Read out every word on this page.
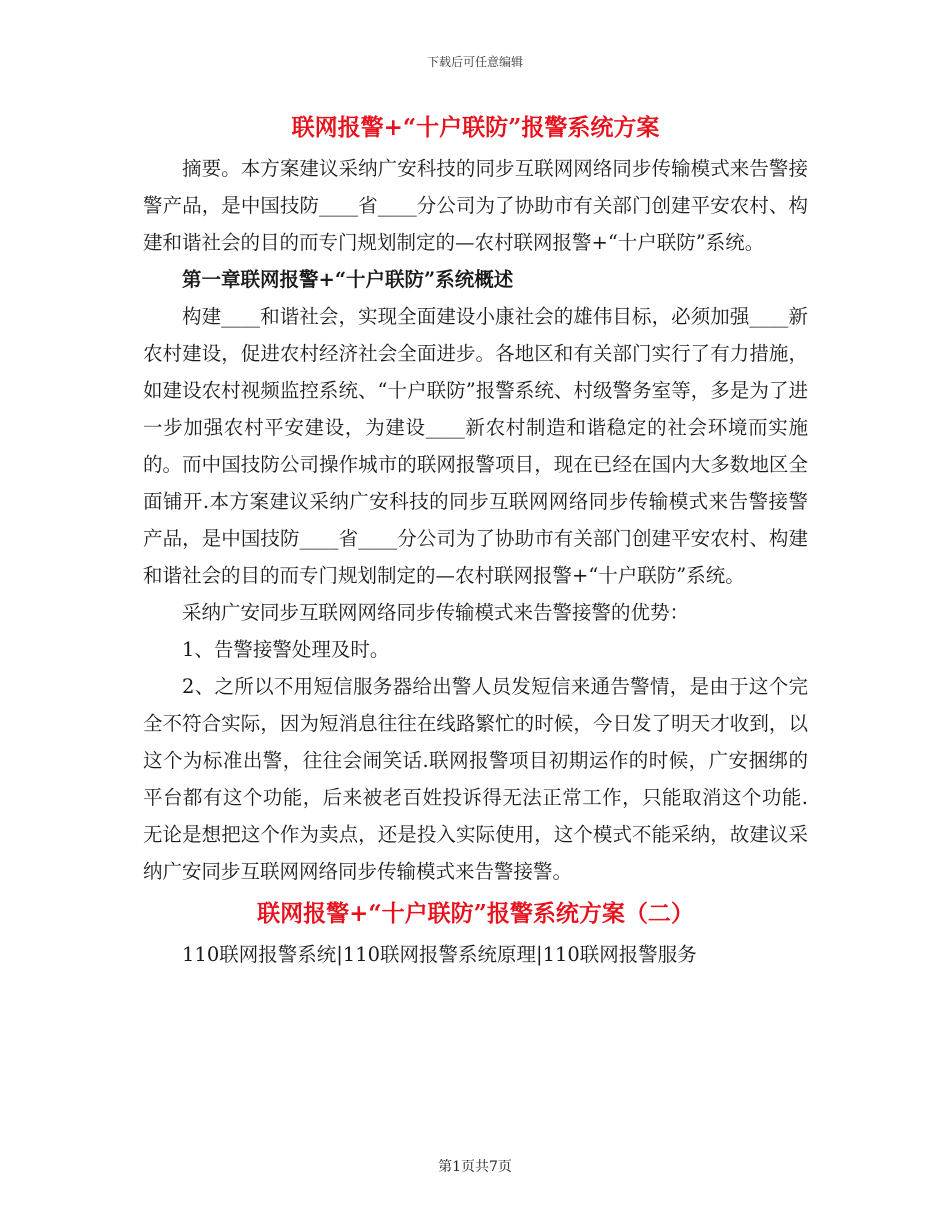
下载后可任意编辑
联网报警+“十户联防”报警系统方案

摘要。本方案建议采纳广安科技的同步互联网网络同步传输模式来告警接警产品，是中国技防____省____分公司为了协助市有关部门创建平安农村、构建和谐社会的目的而专门规划制定的—农村联网报警+“十户联防”系统。

第一章联网报警+“十户联防”系统概述

构建____和谐社会，实现全面建设小康社会的雄伟目标，必须加强____新农村建设，促进农村经济社会全面进步。各地区和有关部门实行了有力措施，如建设农村视频监控系统、“十户联防”报警系统、村级警务室等，多是为了进一步加强农村平安建设，为建设____新农村制造和谐稳定的社会环境而实施的。而中国技防公司操作城市的联网报警项目，现在已经在国内大多数地区全面铺开.本方案建议采纳广安科技的同步互联网网络同步传输模式来告警接警产品，是中国技防____省____分公司为了协助市有关部门创建平安农村、构建和谐社会的目的而专门规划制定的—农村联网报警+“十户联防”系统。

采纳广安同步互联网网络同步传输模式来告警接警的优势：

1、告警接警处理及时。

2、之所以不用短信服务器给出警人员发短信来通告警情，是由于这个完全不符合实际，因为短消息往往在线路繁忙的时候，今日发了明天才收到，以这个为标准出警，往往会闹笑话.联网报警项目初期运作的时候，广安捆绑的平台都有这个功能，后来被老百姓投诉得无法正常工作，只能取消这个功能.无论是想把这个作为卖点，还是投入实际使用，这个模式不能采纳，故建议采纳广安同步互联网网络同步传输模式来告警接警。

联网报警+“十户联防”报警系统方案（二）

110联网报警系统|110联网报警系统原理|110联网报警服务

第1页共7页
